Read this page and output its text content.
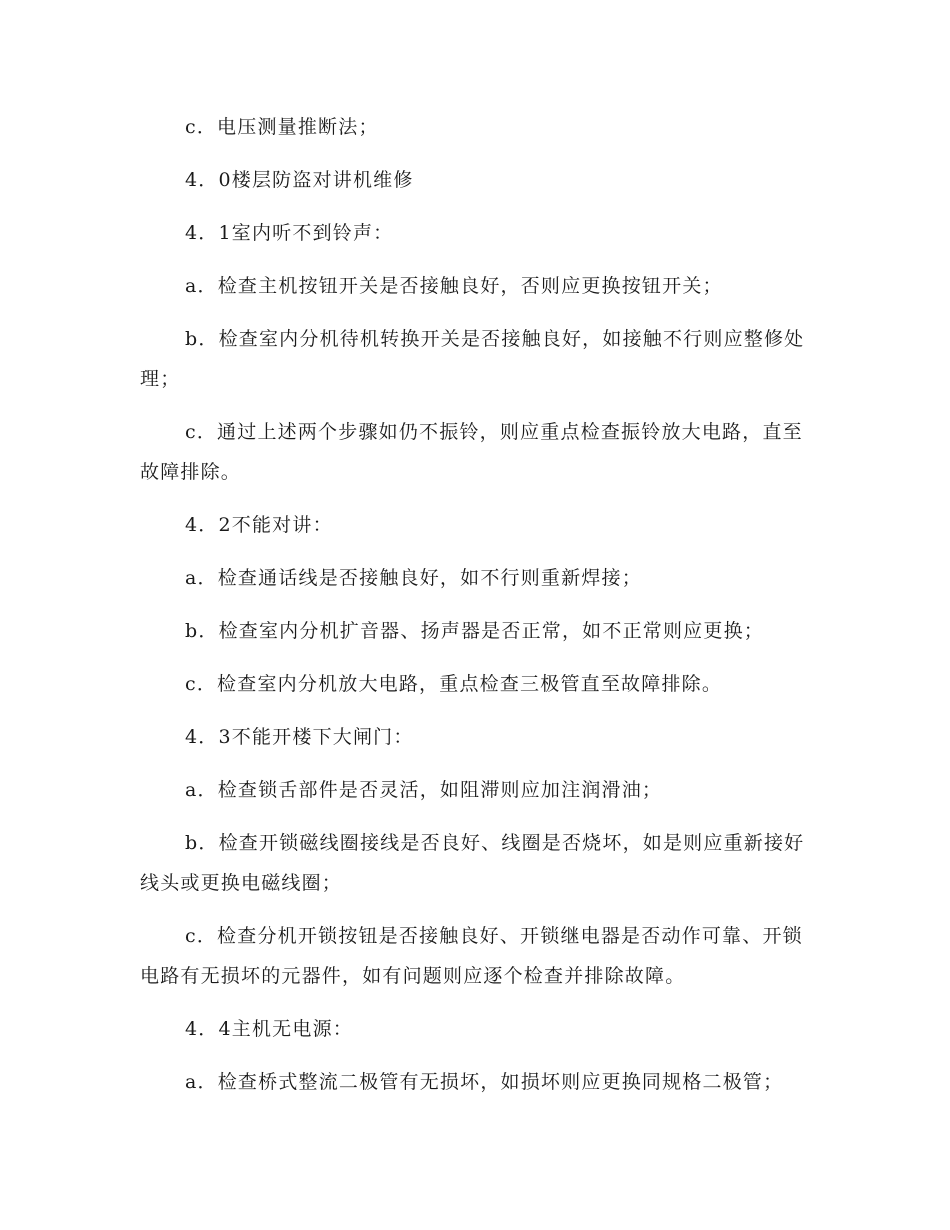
c．电压测量推断法；

4．0楼层防盗对讲机维修

4．1室内听不到铃声：

a．检查主机按钮开关是否接触良好，否则应更换按钮开关；

b．检查室内分机待机转换开关是否接触良好，如接触不行则应整修处理；

c．通过上述两个步骤如仍不振铃，则应重点检查振铃放大电路，直至故障排除。

4．2不能对讲：

a．检查通话线是否接触良好，如不行则重新焊接；

b．检查室内分机扩音器、扬声器是否正常，如不正常则应更换；

c．检查室内分机放大电路，重点检查三极管直至故障排除。

4．3不能开楼下大闸门：

a．检查锁舌部件是否灵活，如阻滞则应加注润滑油；

b．检查开锁磁线圈接线是否良好、线圈是否烧坏，如是则应重新接好线头或更换电磁线圈；

c．检查分机开锁按钮是否接触良好、开锁继电器是否动作可靠、开锁电路有无损坏的元器件，如有问题则应逐个检查并排除故障。

4．4主机无电源：

a．检查桥式整流二极管有无损坏，如损坏则应更换同规格二极管；
